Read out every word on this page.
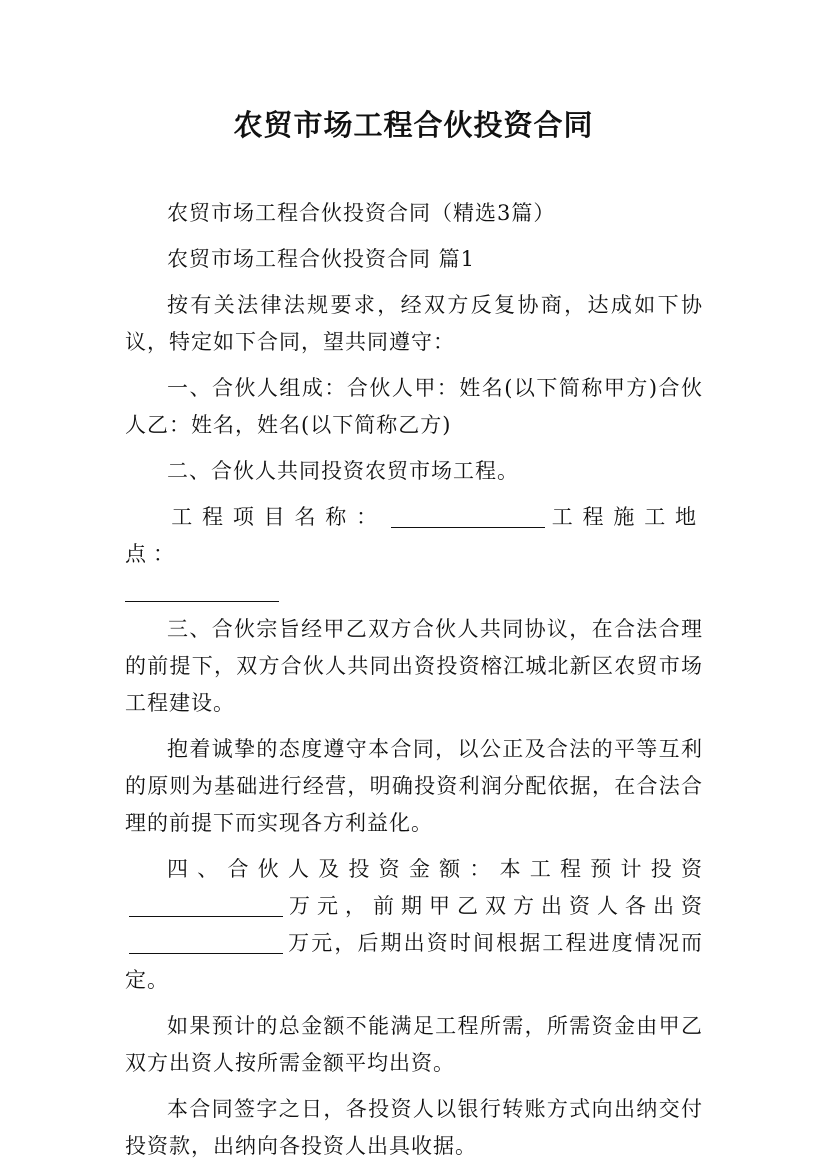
农贸市场工程合伙投资合同

农贸市场工程合伙投资合同（精选3篇）

农贸市场工程合伙投资合同 篇1

按有关法律法规要求，经双方反复协商，达成如下协议，特定如下合同，望共同遵守：

一、合伙人组成：合伙人甲：姓名(以下简称甲方)合伙人乙：姓名，姓名(以下简称乙方)

二、合伙人共同投资农贸市场工程。

工程项目名称：	工程施工地点：

三、合伙宗旨经甲乙双方合伙人共同协议，在合法合理的前提下，双方合伙人共同出资投资榕江城北新区农贸市场工程建设。

抱着诚挚的态度遵守本合同，以公正及合法的平等互利的原则为基础进行经营，明确投资利润分配依据，在合法合理的前提下而实现各方利益化。

四、合伙人及投资金额：本工程预计投资万元，前期甲乙双方出资人各出资万元，后期出资时间根据工程进度情况而定。

如果预计的总金额不能满足工程所需，所需资金由甲乙双方出资人按所需金额平均出资。

本合同签字之日，各投资人以银行转账方式向出纳交付投资款，出纳向各投资人出具收据。
